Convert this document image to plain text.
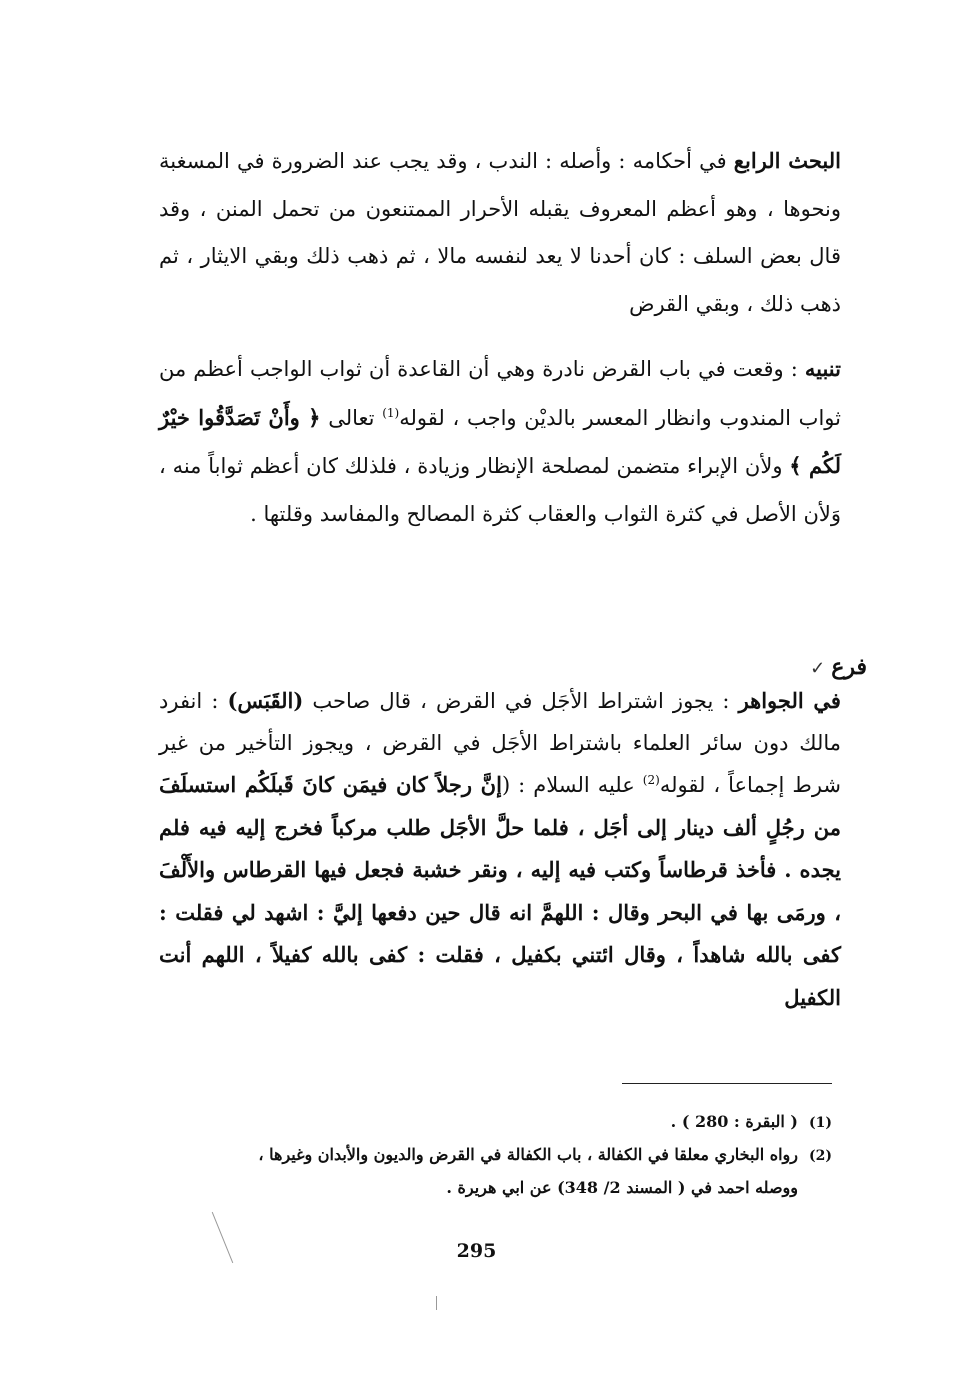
البحث الرابع في أحكامه : وأصله : الندب ، وقد يجب عند الضرورة في المسغبة ونحوها ، وهو أعظم المعروف يقبله الأحرار الممتنعون من تحمل المنن ، وقد قال بعض السلف : كان أحدنا لا يعد لنفسه مالا ، ثم ذهب ذلك وبقي الايثار ، ثم ذهب ذلك ، وبقي القرض
تنبيه : وقعت في باب القرض نادرة وهي أن القاعدة أن ثواب الواجب أعظم من ثواب المندوب وانظار المعسر بالديْن واجب ، لقوله$^{(1)}$ تعالى ﴿ وأَنْ تَصَدَّقُوا خيْرٌ لَكُم ﴾ ولأن الإبراء متضمن لمصلحة الإنظار وزيادة ، فلذلك كان أعظم ثواباً منه ، وَلأن الأصل في كثرة الثواب والعقاب كثرة المصالح والمفاسد وقلتها .
فرع✓
في الجواهر : يجوز اشتراط الأجَل في القرض ، قال صاحب (القَبَس) : انفرد مالك دون سائر العلماء باشتراط الأجَل في القرض ، ويجوز التأخير من غير شرط إجماعاً ، لقوله$^{(2)}$ عليه السلام : (إنَّ رجلاً كان فيمَن كانَ قَبلَكُم استسلَفَ من رجُلٍ ألف دينار إلى أجَل ، فلما حلَّ الأجَل طلب مركباً فخرج إليه فيه فلم يجده . فأخذ قرطاساً وكتب فيه إليه ، ونقر خشبة فجعل فيها القرطاس والأَلْفَ ، ورمَى بها في البحر وقال : اللهمَّ انه قال حين دفعها إليَّ : اشهد لي فقلت : كفى بالله شاهداً ، وقال ائتني بكفيل ، فقلت : كفى بالله كفيلاً ، اللهم أنت الكفيل
(1)( البقرة : 280 ) .
(2)رواه البخاري معلقا في الكفالة ، باب الكفالة في القرض والديون والأبدان وغيرها ،
ووصله احمد في ( المسند 2/ 348) عن ابي هريرة .
295
